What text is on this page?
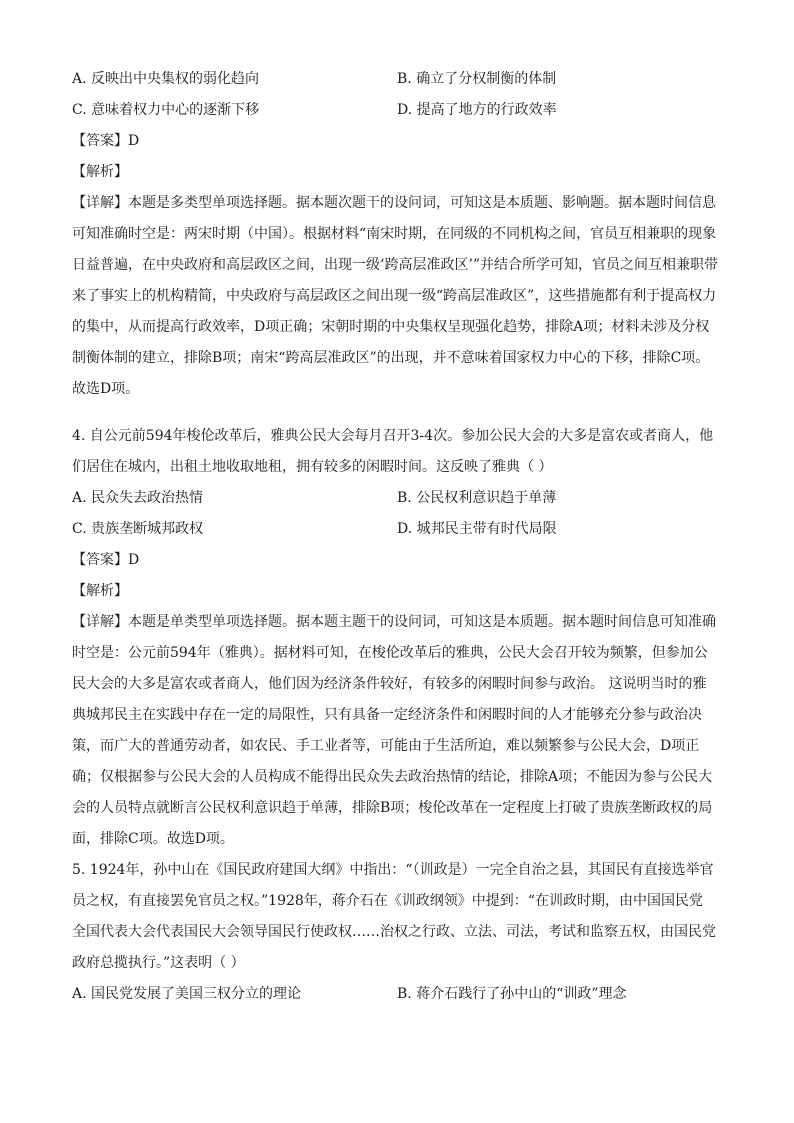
A. 反映出中央集权的弱化趋向	B. 确立了分权制衡的体制
C. 意味着权力中心的逐渐下移	D. 提高了地方的行政效率
【答案】D
【解析】
【详解】本题是多类型单项选择题。据本题次题干的设问词，可知这是本质题、影响题。据本题时间信息
可知准确时空是：两宋时期（中国）。根据材料“南宋时期，在同级的不同机构之间，官员互相兼职的现象
日益普遍，在中央政府和高层政区之间，出现一级‘跨高层准政区’”并结合所学可知，官员之间互相兼职带
来了事实上的机构精简，中央政府与高层政区之间出现一级“跨高层准政区”，这些措施都有利于提高权力
的集中，从而提高行政效率，D项正确；宋朝时期的中央集权呈现强化趋势，排除A项；材料未涉及分权
制衡体制的建立，排除B项；南宋“跨高层准政区”的出现，并不意味着国家权力中心的下移，排除C项。
故选D项。
4. 自公元前594年梭伦改革后，雅典公民大会每月召开3-4次。参加公民大会的大多是富农或者商人，他
们居住在城内，出租土地收取地租，拥有较多的闲暇时间。这反映了雅典（ ）
A. 民众失去政治热情	B. 公民权利意识趋于单薄
C. 贵族垄断城邦政权	D. 城邦民主带有时代局限
【答案】D
【解析】
【详解】本题是单类型单项选择题。据本题主题干的设问词，可知这是本质题。据本题时间信息可知准确
时空是：公元前594年（雅典）。据材料可知，在梭伦改革后的雅典，公民大会召开较为频繁，但参加公
民大会的大多是富农或者商人，他们因为经济条件较好，有较多的闲暇时间参与政治。 这说明当时的雅
典城邦民主在实践中存在一定的局限性，只有具备一定经济条件和闲暇时间的人才能够充分参与政治决
策，而广大的普通劳动者，如农民、手工业者等，可能由于生活所迫，难以频繁参与公民大会，D项正
确；仅根据参与公民大会的人员构成不能得出民众失去政治热情的结论，排除A项；不能因为参与公民大
会的人员特点就断言公民权利意识趋于单薄，排除B项；梭伦改革在一定程度上打破了贵族垄断政权的局
面，排除C项。故选D项。
5. 1924年，孙中山在《国民政府建国大纲》中指出：“（训政是）一完全自治之县，其国民有直接选举官
员之权，有直接罢免官员之权。”1928年，蒋介石在《训政纲领》中提到：“在训政时期，由中国国民党
全国代表大会代表国民大会领导国民行使政权……治权之行政、立法、司法，考试和监察五权，由国民党
政府总揽执行。”这表明（ ）
A. 国民党发展了美国三权分立的理论	B. 蒋介石践行了孙中山的“训政”理念
